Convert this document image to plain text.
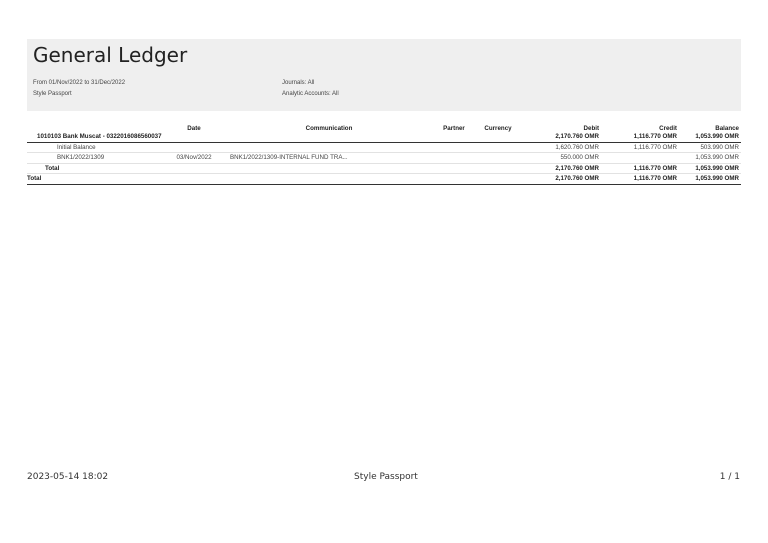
General Ledger
From 01/Nov/2022 to 31/Dec/2022
Style Passport
Journals: All
Analytic Accounts: All
	Date	Communication	Partner	Currency	Debit	Credit	Balance
1010103 Bank Muscat - 0322016086560037					2,170.760 OMR	1,116.770 OMR	1,053.990 OMR
Initial Balance					1,620.760 OMR	1,116.770 OMR	503.990 OMR
BNK1/2022/1309	03/Nov/2022	BNK1/2022/1309-INTERNAL FUND TRA...			550.000 OMR		1,053.990 OMR
Total					2,170.760 OMR	1,116.770 OMR	1,053.990 OMR
Total					2,170.760 OMR	1,116.770 OMR	1,053.990 OMR
2023-05-14 18:02	Style Passport	1 / 1
